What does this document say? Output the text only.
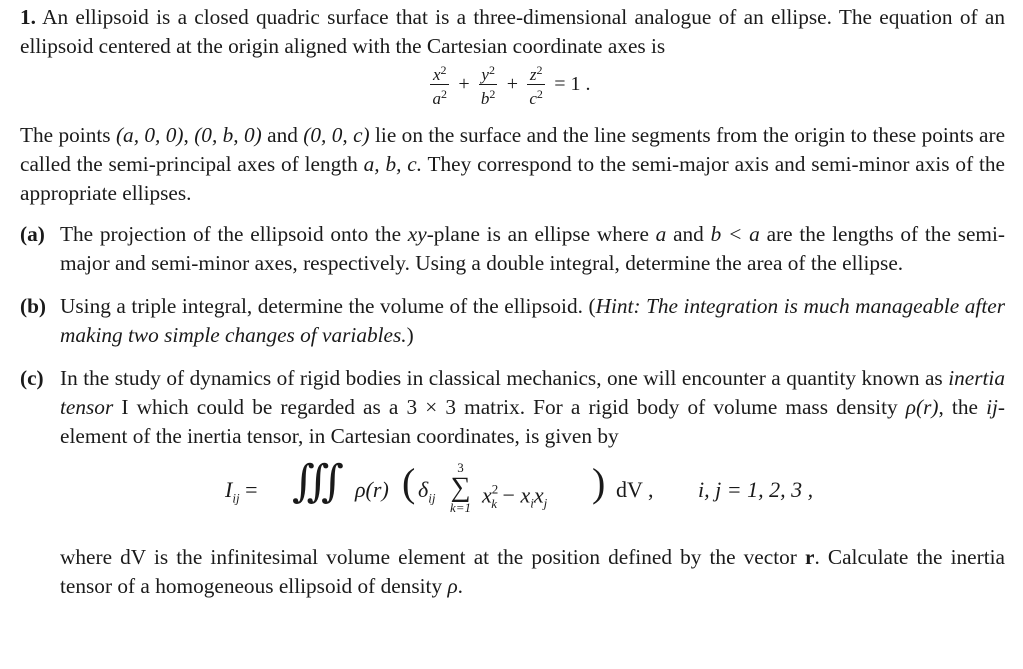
1. An ellipsoid is a closed quadric surface that is a three-dimensional analogue of an ellipse. The equation of an ellipsoid centered at the origin aligned with the Cartesian coordinate axes is
$\frac{x^2}{a^2} + \frac{y^2}{b^2} + \frac{z^2}{c^2} = 1$ .
The points (a, 0, 0), (0, b, 0) and (0, 0, c) lie on the surface and the line segments from the origin to these points are called the semi-principal axes of length a, b, c. They correspond to the semi-major axis and semi-minor axis of the appropriate ellipses.
(a) The projection of the ellipsoid onto the xy-plane is an ellipse where a and b < a are the lengths of the semi-major and semi-minor axes, respectively. Using a double integral, determine the area of the ellipse.
(b) Using a triple integral, determine the volume of the ellipsoid. (Hint: The integration is much manageable after making two simple changes of variables.)
(c) In the study of dynamics of rigid bodies in classical mechanics, one will encounter a quantity known as inertia tensor I which could be regarded as a 3 × 3 matrix. For a rigid body of volume mass density ρ(r), the ij-element of the inertia tensor, in Cartesian coordinates, is given by
$I_{ij}$ = ∭ ρ(r) ( $\delta_{ij}$
3
∑
k=1
$x^2_k - x_ix_j$ ) dV , i, j = 1, 2, 3 ,
where dV is the infinitesimal volume element at the position defined by the vector r. Calculate the inertia tensor of a homogeneous ellipsoid of density ρ.
